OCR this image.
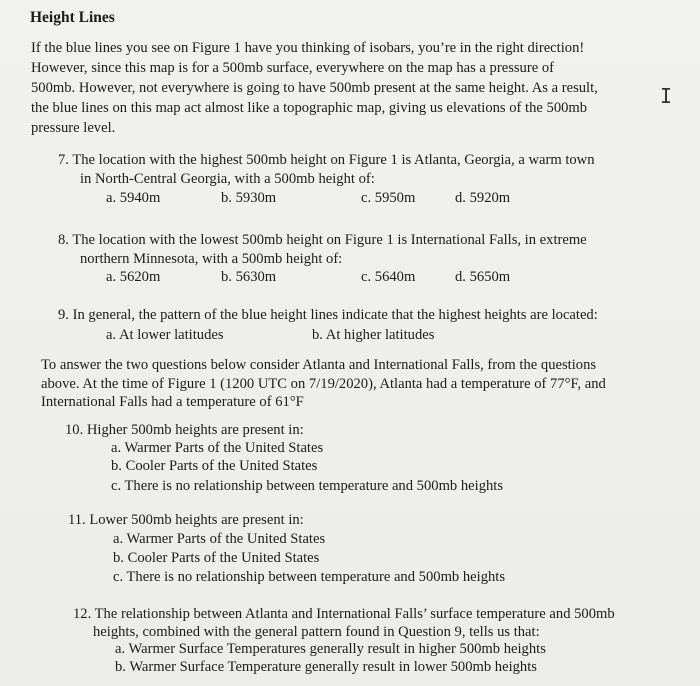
Height Lines
If the blue lines you see on Figure 1 have you thinking of isobars, you’re in the right direction!
However, since this map is for a 500mb surface, everywhere on the map has a pressure of
500mb. However, not everywhere is going to have 500mb present at the same height. As a result,
the blue lines on this map act almost like a topographic map, giving us elevations of the 500mb
pressure level.
7. The location with the highest 500mb height on Figure 1 is Atlanta, Georgia, a warm town
in North-Central Georgia, with a 500mb height of:
a. 5940m	b. 5930m	c. 5950m	d. 5920m
8. The location with the lowest 500mb height on Figure 1 is International Falls, in extreme
northern Minnesota, with a 500mb height of:
a. 5620m	b. 5630m	c. 5640m	d. 5650m
9. In general, the pattern of the blue height lines indicate that the highest heights are located:
a. At lower latitudes	b. At higher latitudes
To answer the two questions below consider Atlanta and International Falls, from the questions
above. At the time of Figure 1 (1200 UTC on 7/19/2020), Atlanta had a temperature of 77°F, and
International Falls had a temperature of 61°F
10. Higher 500mb heights are present in:
a. Warmer Parts of the United States
b. Cooler Parts of the United States
c. There is no relationship between temperature and 500mb heights
11. Lower 500mb heights are present in:
a. Warmer Parts of the United States
b. Cooler Parts of the United States
c. There is no relationship between temperature and 500mb heights
12. The relationship between Atlanta and International Falls’ surface temperature and 500mb
heights, combined with the general pattern found in Question 9, tells us that:
a. Warmer Surface Temperatures generally result in higher 500mb heights
b. Warmer Surface Temperature generally result in lower 500mb heights
I
